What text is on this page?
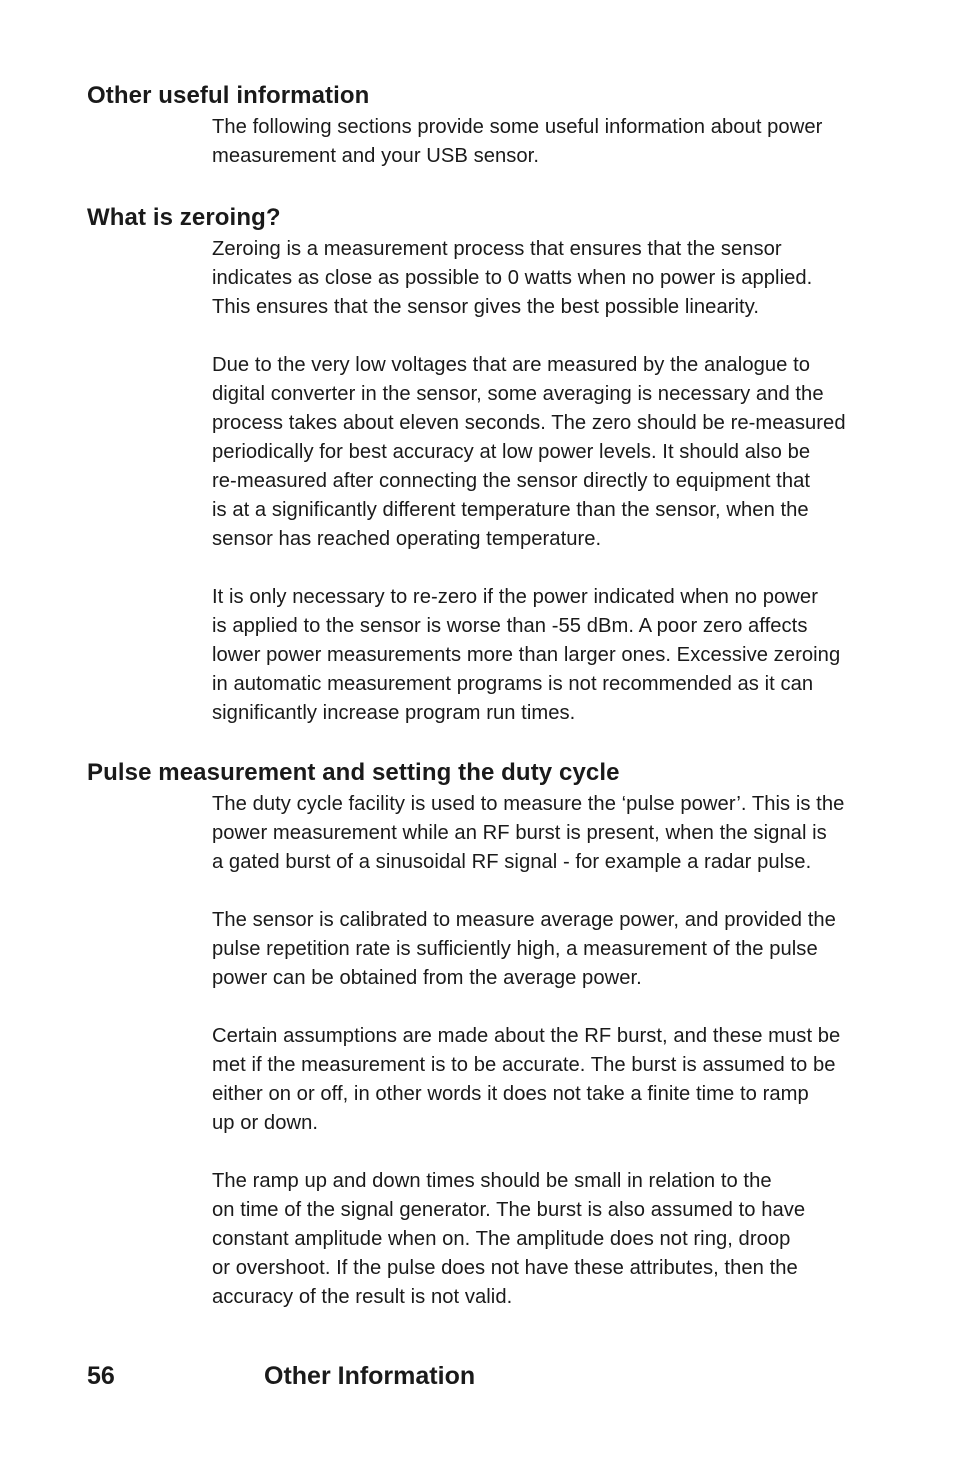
Other useful information

The following sections provide some useful information about power
measurement and your USB sensor.

What is zeroing?

Zeroing is a measurement process that ensures that the sensor
indicates as close as possible to 0 watts when no power is applied.
This ensures that the sensor gives the best possible linearity.

Due to the very low voltages that are measured by the analogue to
digital converter in the sensor, some averaging is necessary and the
process takes about eleven seconds. The zero should be re-measured
periodically for best accuracy at low power levels. It should also be
re-measured after connecting the sensor directly to equipment that
is at a significantly different temperature than the sensor, when the
sensor has reached operating temperature.

It is only necessary to re-zero if the power indicated when no power
is applied to the sensor is worse than -55 dBm. A poor zero affects
lower power measurements more than larger ones. Excessive zeroing
in automatic measurement programs is not recommended as it can
significantly increase program run times.

Pulse measurement and setting the duty cycle

The duty cycle facility is used to measure the ‘pulse power’. This is the
power measurement while an RF burst is present, when the signal is
a gated burst of a sinusoidal RF signal - for example a radar pulse.

The sensor is calibrated to measure average power, and provided the
pulse repetition rate is sufficiently high, a measurement of the pulse
power can be obtained from the average power.

Certain assumptions are made about the RF burst, and these must be
met if the measurement is to be accurate. The burst is assumed to be
either on or off, in other words it does not take a finite time to ramp
up or down.

The ramp up and down times should be small in relation to the
on time of the signal generator. The burst is also assumed to have
constant amplitude when on. The amplitude does not ring, droop
or overshoot. If the pulse does not have these attributes, then the
accuracy of the result is not valid.

56	Other Information
